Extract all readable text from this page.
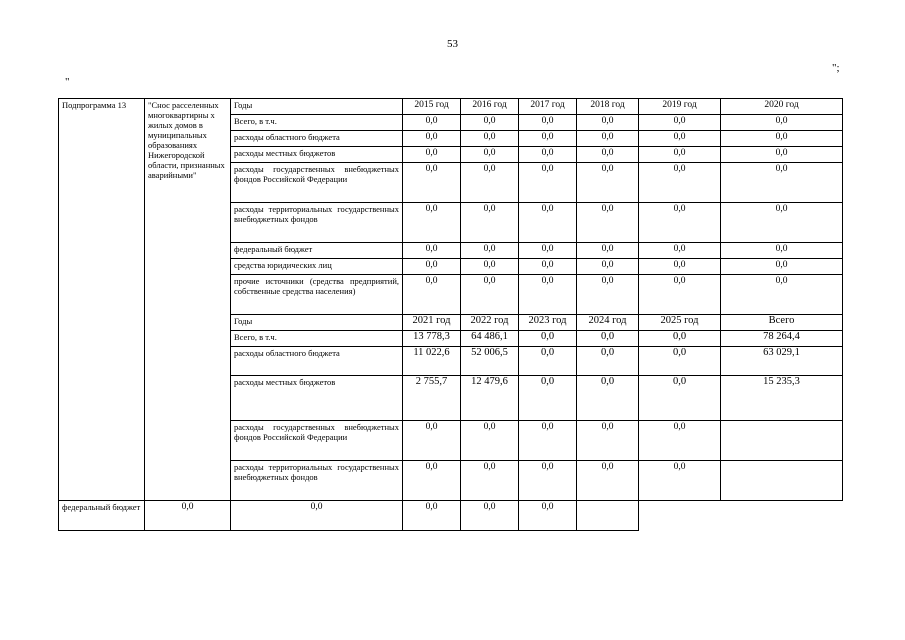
53
";
"
Подпрограмма 13	"Снос расселенных многоквартирны х жилых домов в муниципальных образованиях Нижегородской области, признанных аварийными"	Годы	2015 год	2016 год	2017 год	2018 год	2019 год	2020 год
		Всего, в т.ч.	0,0	0,0	0,0	0,0	0,0	0,0
		расходы областного бюджета	0,0	0,0	0,0	0,0	0,0	0,0
		расходы местных бюджетов	0,0	0,0	0,0	0,0	0,0	0,0
		расходы государственных внебюджетных фондов Российской Федерации	0,0	0,0	0,0	0,0	0,0	0,0
		расходы территориальных государственных внебюджетных фондов	0,0	0,0	0,0	0,0	0,0	0,0
		федеральный бюджет	0,0	0,0	0,0	0,0	0,0	0,0
		средства юридических лиц	0,0	0,0	0,0	0,0	0,0	0,0
		прочие источники (средства предприятий, собственные средства населения)	0,0	0,0	0,0	0,0	0,0	0,0
		Годы	2021 год	2022 год	2023 год	2024 год	2025 год	Всего
		Всего, в т.ч.	13 778,3	64 486,1	0,0	0,0	0,0	78 264,4
		расходы областного бюджета	11 022,6	52 006,5	0,0	0,0	0,0	63 029,1
		расходы местных бюджетов	2 755,7	12 479,6	0,0	0,0	0,0	15 235,3
		расходы государственных внебюджетных фондов Российской Федерации	0,0	0,0	0,0	0,0	0,0	
		расходы территориальных государственных внебюджетных фондов	0,0	0,0	0,0	0,0	0,0	
федеральный бюджет	0,0	0,0	0,0	0,0	0,0			
